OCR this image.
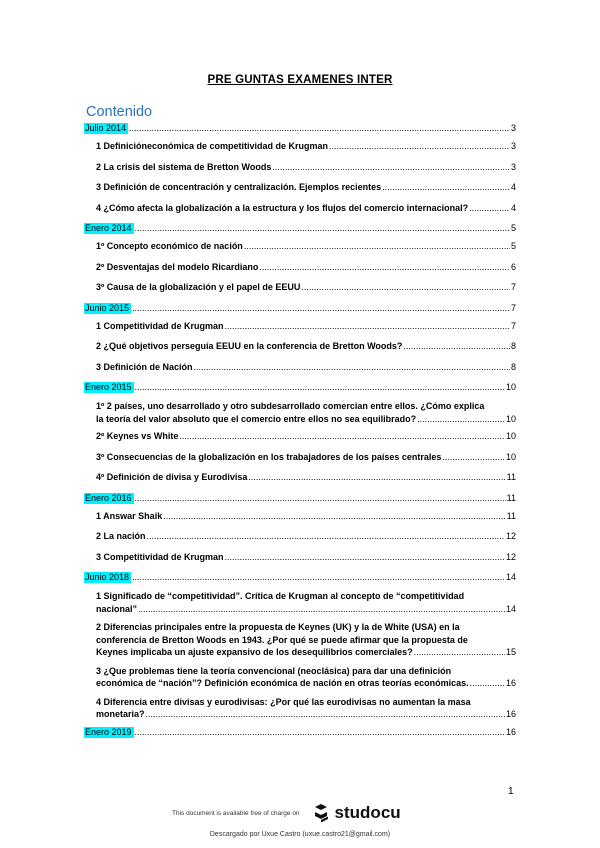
PRE GUNTAS EXAMENES INTER
Contenido
Julio 2014 .....	3
1 Definicióneconómica de competitividad de Krugman .....	3
2 La crisis del sistema de Bretton Woods .....	3
3 Definición de concentración y centralización. Ejemplos recientes .....	4
4 ¿Cómo afecta la globalización a la estructura y los flujos del comercio internacional? .....	4
Enero 2014 .....	5
1º Concepto económico de nación .....	5
2º Desventajas del modelo Ricardiano .....	6
3º Causa de la globalización y el papel de EEUU .....	7
Junio 2015 .....	7
1 Competitividad de Krugman .....	7
2 ¿Qué objetivos perseguía EEUU en la conferencia de Bretton Woods? .....	8
3 Definición de Nación .....	8
Enero 2015 .....	10
1º 2 países, uno desarrollado y otro subdesarrollado comercian entre ellos. ¿Cómo explica
la teoría del valor absoluto que el comercio entre ellos no sea equilibrado? .....	10
2º Keynes vs White .....	10
3º Consecuencias de la globalización en los trabajadores de los países centrales .....	10
4º Definición de divisa y Eurodivisa .....	11
Enero 2016 .....	11
1 Answar Shaik .....	11
2 La nación .....	12
3 Competitividad de Krugman .....	12
Junio 2018 .....	14
1 Significado de “competitividad”. Crítica de Krugman al concepto de “competitividad
nacional” .....	14
2 Diferencias principales entre la propuesta de Keynes (UK) y la de White (USA) en la
conferencia de Bretton Woods en 1943. ¿Por qué se puede afirmar que la propuesta de
Keynes implicaba un ajuste expansivo de los desequilibrios comerciales? .....	15
3 ¿Que problemas tiene la teoría convencional (neoclásica) para dar una definición
económica de “nación”? Definición económica de nación en otras teorías económicas. .....	16
4 Diferencia entre divisas y eurodivisas: ¿Por qué las eurodivisas no aumentan la masa
monetaria? .....	16
Enero 2019 .....	16
1
This document is available free of charge on studocu
Descargado por Uxue Castro (uxue.castro21@gmail.com)
